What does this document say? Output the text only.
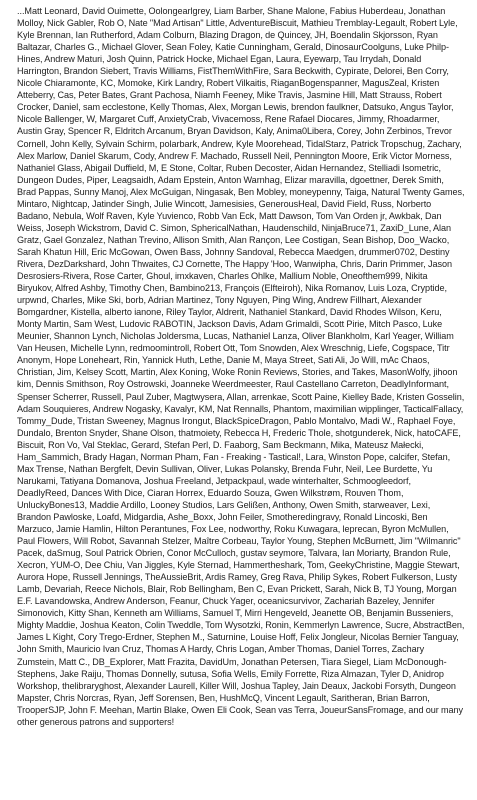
...Matt Leonard, David Ouimette, Oolongearlgrey, Liam Barber, Shane Malone, Fabius Huberdeau, Jonathan Molloy, Nick Gabler, Rob O, Nate "Mad Artisan" Little, AdventureBiscuit, Mathieu Tremblay-Legault, Robert Lyle, Kyle Brennan, Ian Rutherford, Adam Colburn, Blazing Dragon, de Quincey, JH, Boendalin Skjorsson, Ryan Baltazar, Charles G., Michael Glover, Sean Foley, Katie Cunningham, Gerald, DinosaurCoolguns, Luke Philp-Hines, Andrew Maturi, Josh Quinn, Patrick Hocke, Michael Egan, Laura, Eyewarp, Tau Irrydah, Donald Harrington, Brandon Siebert, Travis Williams, FistThemWithFire, Sara Beckwith, Cypirate, Delorei, Ben Corry, Nicole Chiaramonte, KC, Momoke, Kirk Landry, Robert Vilkaitis, RiaganBogenspanner, MagusZeal, Kristen Atteberry, Cas, Peter Bates, Grant Pachosa, Niamh Feeney, Mike Travis, Jasmine Hill, Matt Strauss, Robert Crocker, Daniel, sam ecclestone, Kelly Thomas, Alex, Morgan Lewis, brendon faulkner, Datsuko, Angus Taylor, Nicole Ballenger, W, Margaret Cuff, AnxietyCrab, Vivacemoss, Rene Rafael Diocares, Jimmy, Rhoadarmer, Austin Gray, Spencer R, Eldritch Arcanum, Bryan Davidson, Kaly, Anima0Libera, Corey, John Zerbinos, Trevor Cornell, John Kelly, Sylvain Schirm, polarbark, Andrew, Kyle Moorehead, TidalStarz, Patrick Tropschug, Zachary, Alex Marlow, Daniel Skarum, Cody, Andrew F. Machado, Russell Neil, Pennington Moore, Erik Victor Morness, Nathaniel Glass, Abigail Duffield, M, E Stone, Coltar, Ruben Decoster, Aidan Hernandez, Stelliadi Isometric, Dungeon Dudes, Piper, Leagsaidh, Adam Epstein, Anton Warnhag, Elizar maravilla, dgoettner, Derek Smith, Brad Pappas, Sunny Manoj, Alex McGuigan, Ningasak, Ben Mobley, moneypenny, Taiga, Natural Twenty Games, Mintaro, Nightcap, Jatinder Singh, Julie Wincott, Jamesisies, GenerousHeal, David Field, Russ, Norberto Badano, Nebula, Wolf Raven, Kyle Yuvienco, Robb Van Eck, Matt Dawson, Tom Van Orden jr, Awkbak, Dan Weiss, Joseph Wickstrom, David C. Simon, SphericalNathan, Haudenschild, NinjaBruce71, ZaxiD_Lune, Alan Gratz, Gael Gonzalez, Nathan Trevino, Allison Smith, Alan Rançon, Lee Costigan, Sean Bishop, Doo_Wacko, Sarah Khatun Hill, Eric McGowan, Owen Bass, Johnny Sandoval, Rebecca Maedgen, drummer0702, Destiny Rivera, DezDarkshard, John Thwaites, CJ Cornette, The Happy 'Hoo, Wanwipha, Chris, Darin Primmer, Jason Desrosiers-Rivera, Rose Carter, Ghoul, imxkaven, Charles Ohlke, Mallium Noble, Oneofthem999, Nikita Biryukov, Alfred Ashby, Timothy Chen, Bambino213, François (Elfteiroh), Nika Romanov, Luis Loza, Cryptide, urpwnd, Charles, Mike Ski, borb, Adrian Martinez, Tony Nguyen, Ping Wing, Andrew Fillhart, Alexander Bomgardner, Kistella, alberto ianone, Riley Taylor, Aldrerit, Nathaniel Stankard, David Rhodes Wilson, Keru, Monty Martin, Sam West, Ludovic RABOTIN, Jackson Davis, Adam Grimaldi, Scott Pirie, Mitch Pasco, Luke Meunier, Shannon Lynch, Nicholas Joldersma, Lucas, Nathaniel Lanza, Oliver Blankholm, Karl Yeager, William Van Heusen, Michelle Lynn, redmoomintroll, Robert Ott, Tom Snowden, Alex Wreschnig, Liefe, Cogspace, Titr Anonym, Hope Loneheart, Rin, Yannick Huth, Lethe, Danie M, Maya Street, Sati Ali, Jo Will, mAc Chaos, Christian, Jim, Kelsey Scott, Martin, Alex Koning, Woke Ronin Reviews, Stories, and Takes, MasonWolfy, jihoon kim, Dennis Smithson, Roy Ostrowski, Joanneke Weerdmeester, Raul Castellano Carreton, DeadlyInformant, Spenser Scherrer, Russell, Paul Zuber, Magtwysera, Allan, arrenkae, Scott Paine, Kielley Bade, Kristen Gosselin, Adam Souquieres, Andrew Nogasky, Kavalyr, KM, Nat Rennalls, Phantom, maximilian wipplinger, TacticalFallacy, Tommy_Dude, Tristan Sweeney, Magnus Irongut, BlackSpiceDragon, Pablo Montalvo, Madi W., Raphael Foye, Dundalo, Brenton Snyder, Shane Olson, thatmoiety, Rebecca H, Frederic Thole, shotgunderek, Nick, hatoCAFE, Biscuit, Ron Vo, Val Steklac, Gerard, Stefan Perl, D. Faaborg, Sam Beckmann, Mika, Mateusz Małecki, Ham_Sammich, Brady Hagan, Norman Pham, Fan - Freaking - Tastical!, Lara, Winston Pope, calcifer, Stefan, Max Trense, Nathan Bergfelt, Devin Sullivan, Oliver, Lukas Polansky, Brenda Fuhr, Neil, Lee Burdette, Yu Narukami, Tatiyana Domanova, Joshua Freeland, Jetpackpaul, wade winterhalter, Schmoogleedorf, DeadlyReed, Dances With Dice, Ciaran Horrex, Eduardo Souza, Gwen Wilkstrøm, Rouven Thom, UnluckyBones13, Maddie Ardillo, Looney Studios, Lars Gelißen, Anthony, Owen Smith, starweaver, Lexi, Brandon Pawloske, Loafd, Midgardia, Ashe_Boxx, John Feiler, Smotheredingravy, Ronald Lincoski, Ben Marzuco, Jamie Hamlin, Hilton Perantunes, Fox Lee, nodworthy, Roku Kuwagara, leprecan, Byron McMullen, Paul Flowers, Will Robot, Savannah Stelzer, Maître Corbeau, Taylor Young, Stephen McBurnett, Jim "Wilmanric" Pacek, daSmug, Soul Patrick Obrien, Conor McCulloch, gustav seymore, Talvara, Ian Moriarty, Brandon Rule, Xecron, YUM-O, Dee Chiu, Van Jiggles, Kyle Sternad, Hammertheshark, Tom, GeekyChristine, Maggie Stewart, Aurora Hope, Russell Jennings, TheAussieBrit, Ardis Ramey, Greg Rava, Philip Sykes, Robert Fulkerson, Lusty Lamb, Devariah, Reece Nichols, Blair, Rob Bellingham, Ben C, Evan Prickett, Sarah, Nick B, TJ Young, Morgan E.F. Lavandowska, Andrew Anderson, Feanur, Chuck Yager, oceanicsurvivor, Zachariah Bazeley, Jennifer Simonovich, Kitty Shan, Kenneth am Williams, Samuel T, Mirri Hengeveld, Jeanette OB, Benjamin Busseniers, Mighty Maddie, Joshua Keaton, Colin Tweddle, Tom Wysotzki, Ronin, Kemmerlyn Lawrence, Sucre, AbstractBen, James L Kight, Cory Trego-Erdner, Stephen M., Saturnine, Louise Hoff, Felix Jongleur, Nicolas Bernier Tanguay, John Smith, Mauricio Ivan Cruz, Thomas A Hardy, Chris Logan, Amber Thomas, Daniel Torres, Zachary Zumstein, Matt C., DB_Explorer, Matt Frazita, DavidUm, Jonathan Petersen, Tiara Siegel, Liam McDonough-Stephens, Jake Raiju, Thomas Donnelly, sutusa, Sofia Wells, Emily Forrette, Riza Almazan, Tyler D, Anidrop Workshop, thelibraryghost, Alexander Laurell, Killer Will, Joshua Tapley, Jain Deaux, Jackobi Forsyth, Dungeon Mapster, Chris Norcras, Ryan, Jeff Sorensen, Ben, HushMcQ, Vincent Legault, Saritheran, Brian Barron, TrooperSJP, John F. Meehan, Martin Blake, Owen Eli Cook, Sean vas Terra, JoueurSansFromage, and our many other generous patrons and supporters!
